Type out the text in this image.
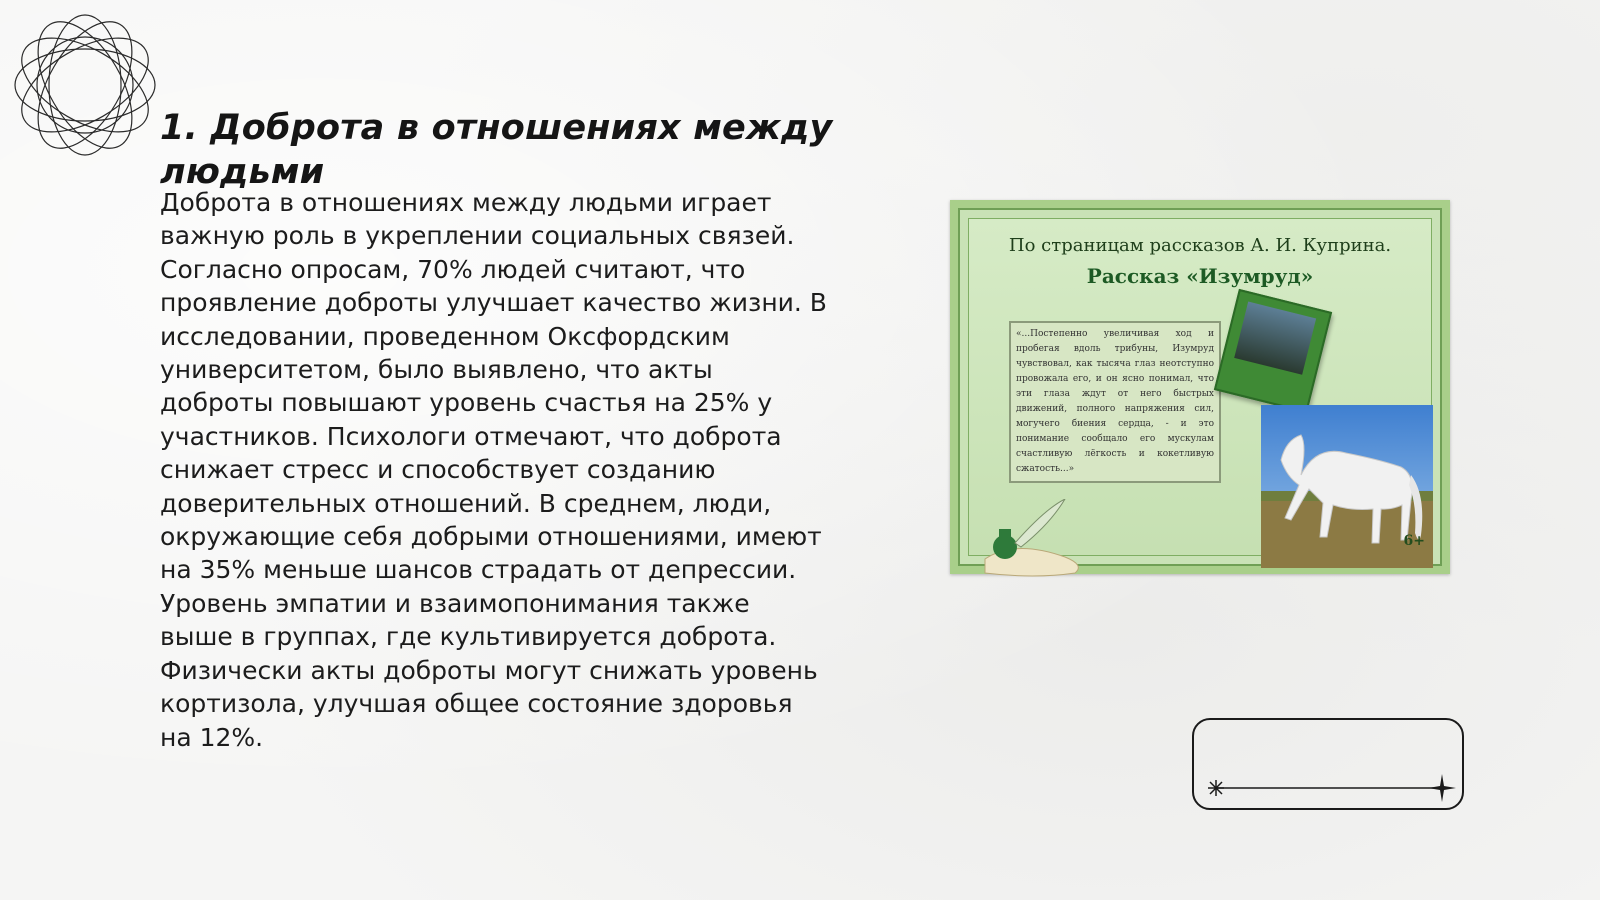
1. Доброта в отношениях между людьми

Доброта в отношениях между людьми играет важную роль в укреплении социальных связей. Согласно опросам, 70% людей считают, что проявление доброты улучшает качество жизни. В исследовании, проведенном Оксфордским университетом, было выявлено, что акты доброты повышают уровень счастья на 25% у участников. Психологи отмечают, что доброта снижает стресс и способствует созданию доверительных отношений. В среднем, люди, окружающие себя добрыми отношениями, имеют на 35% меньше шансов страдать от депрессии. Уровень эмпатии и взаимопонимания также выше в группах, где культивируется доброта. Физически акты доброты могут снижать уровень кортизола, улучшая общее состояние здоровья на 12%.

По страницам рассказов А. И. Куприна.
Рассказ «Изумруд»
«...Постепенно увеличивая ход и пробегая вдоль трибуны, Изумруд чувствовал, как тысяча глаз неотступно провожала его, и он ясно понимал, что эти глаза ждут от него быстрых движений, полного напряжения сил, могучего биения сердца, - и это понимание сообщало его мускулам счастливую лёгкость и кокетливую сжатость...»
6+
